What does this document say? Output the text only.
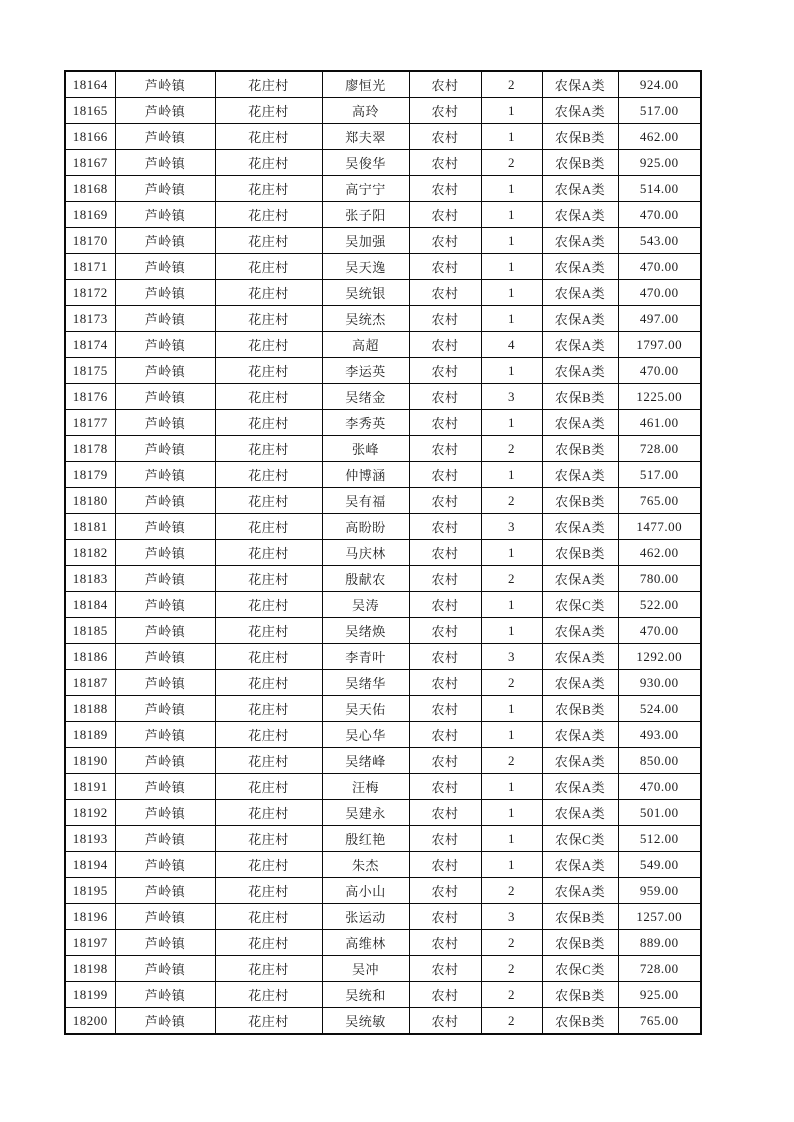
18164	芦岭镇	花庄村	廖恒光	农村	2	农保A类	924.00
18165	芦岭镇	花庄村	高玲	农村	1	农保A类	517.00
18166	芦岭镇	花庄村	郑夫翠	农村	1	农保B类	462.00
18167	芦岭镇	花庄村	吴俊华	农村	2	农保B类	925.00
18168	芦岭镇	花庄村	高宁宁	农村	1	农保A类	514.00
18169	芦岭镇	花庄村	张子阳	农村	1	农保A类	470.00
18170	芦岭镇	花庄村	吴加强	农村	1	农保A类	543.00
18171	芦岭镇	花庄村	吴天逸	农村	1	农保A类	470.00
18172	芦岭镇	花庄村	吴统银	农村	1	农保A类	470.00
18173	芦岭镇	花庄村	吴统杰	农村	1	农保A类	497.00
18174	芦岭镇	花庄村	高超	农村	4	农保A类	1797.00
18175	芦岭镇	花庄村	李运英	农村	1	农保A类	470.00
18176	芦岭镇	花庄村	吴绪金	农村	3	农保B类	1225.00
18177	芦岭镇	花庄村	李秀英	农村	1	农保A类	461.00
18178	芦岭镇	花庄村	张峰	农村	2	农保B类	728.00
18179	芦岭镇	花庄村	仲博涵	农村	1	农保A类	517.00
18180	芦岭镇	花庄村	吴有福	农村	2	农保B类	765.00
18181	芦岭镇	花庄村	高盼盼	农村	3	农保A类	1477.00
18182	芦岭镇	花庄村	马庆林	农村	1	农保B类	462.00
18183	芦岭镇	花庄村	殷献农	农村	2	农保A类	780.00
18184	芦岭镇	花庄村	吴涛	农村	1	农保C类	522.00
18185	芦岭镇	花庄村	吴绪焕	农村	1	农保A类	470.00
18186	芦岭镇	花庄村	李青叶	农村	3	农保A类	1292.00
18187	芦岭镇	花庄村	吴绪华	农村	2	农保A类	930.00
18188	芦岭镇	花庄村	吴天佑	农村	1	农保B类	524.00
18189	芦岭镇	花庄村	吴心华	农村	1	农保A类	493.00
18190	芦岭镇	花庄村	吴绪峰	农村	2	农保A类	850.00
18191	芦岭镇	花庄村	汪梅	农村	1	农保A类	470.00
18192	芦岭镇	花庄村	吴建永	农村	1	农保A类	501.00
18193	芦岭镇	花庄村	殷红艳	农村	1	农保C类	512.00
18194	芦岭镇	花庄村	朱杰	农村	1	农保A类	549.00
18195	芦岭镇	花庄村	高小山	农村	2	农保A类	959.00
18196	芦岭镇	花庄村	张运动	农村	3	农保B类	1257.00
18197	芦岭镇	花庄村	高维林	农村	2	农保B类	889.00
18198	芦岭镇	花庄村	吴冲	农村	2	农保C类	728.00
18199	芦岭镇	花庄村	吴统和	农村	2	农保B类	925.00
18200	芦岭镇	花庄村	吴统敏	农村	2	农保B类	765.00
